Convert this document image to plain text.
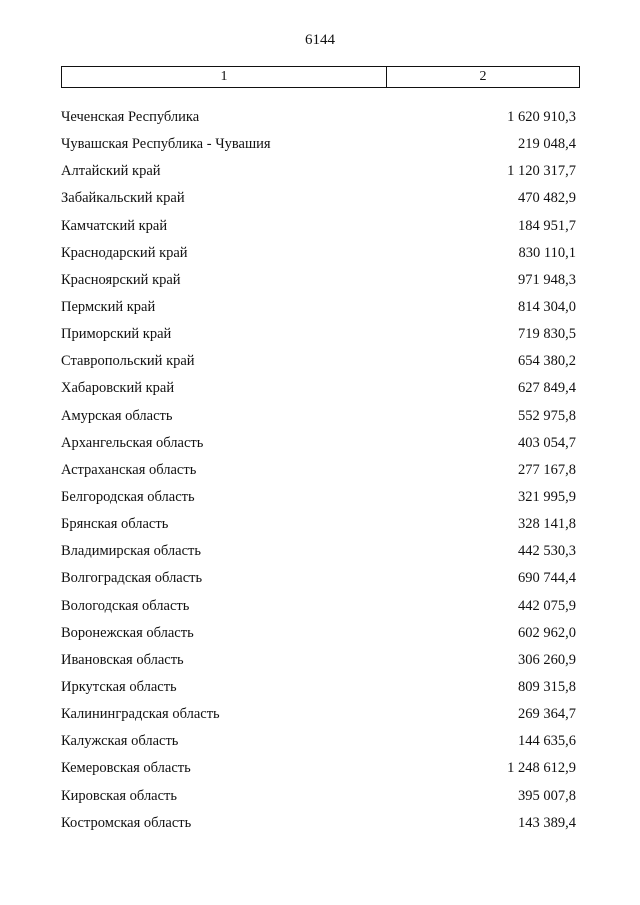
6144
1	2
Чеченская Республика	1 620 910,3
Чувашская Республика - Чувашия	219 048,4
Алтайский край	1 120 317,7
Забайкальский край	470 482,9
Камчатский край	184 951,7
Краснодарский край	830 110,1
Красноярский край	971 948,3
Пермский край	814 304,0
Приморский край	719 830,5
Ставропольский край	654 380,2
Хабаровский край	627 849,4
Амурская область	552 975,8
Архангельская область	403 054,7
Астраханская область	277 167,8
Белгородская область	321 995,9
Брянская область	328 141,8
Владимирская область	442 530,3
Волгоградская область	690 744,4
Вологодская область	442 075,9
Воронежская область	602 962,0
Ивановская область	306 260,9
Иркутская область	809 315,8
Калининградская область	269 364,7
Калужская область	144 635,6
Кемеровская область	1 248 612,9
Кировская область	395 007,8
Костромская область	143 389,4
